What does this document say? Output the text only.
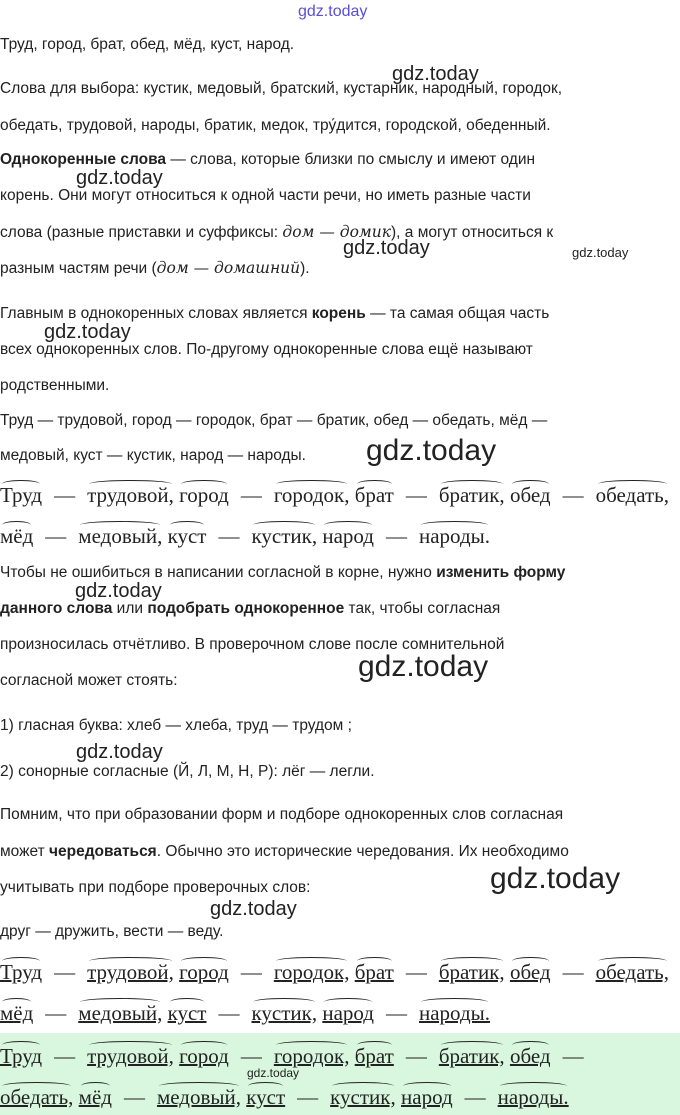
gdz.today
gdz.today
gdz.today
gdz.today	gdz.today
gdz.today
gdz.today
gdz.today
gdz.today
gdz.today
gdz.today
gdz.today
gdz.today
Труд, город, брат, обед, мёд, куст, народ.
Слова для выбора: кустик, медовый, братский, кустарник, народный, городок,
обедать, трудовой, народы, братик, медок, тру́дится, городской, обеденный.
Однокоренные слова — слова, которые близки по смыслу и имеют один
корень. Они могут относиться к одной части речи, но иметь разные части
слова (разные приставки и суффиксы: дом — домик), а могут относиться к
разным частям речи (дом — домашний).
Главным в однокоренных словах является корень — та самая общая часть
всех однокоренных слов. По-другому однокоренные слова ещё называют
родственными.
Труд — трудовой, город — городок, брат — братик, обед — обедать, мёд —
медовый, куст — кустик, народ — народы.
Труд — трудовой, город — городок, брат — братик, обед — обедать,
мёд — медовый, куст — кустик, народ — народы.
Чтобы не ошибиться в написании согласной в корне, нужно изменить форму
данного слова или подобрать однокоренное так, чтобы согласная
произносилась отчётливо. В проверочном слове после сомнительной
согласной может стоять:
1) гласная буква: хлеб — хлеба, труд — трудом ;
2) сонорные согласные (Й, Л, М, Н, Р): лёг — легли.
Помним, что при образовании форм и подборе однокоренных слов согласная
может чередоваться. Обычно это исторические чередования. Их необходимо
учитывать при подборе проверочных слов:
друг — дружить, вести — веду.
Труд — трудовой, город — городок, брат — братик, обед — обедать,
мёд — медовый, куст — кустик, народ — народы.
Труд — трудовой, город — городок, брат — братик, обед —
обедать, мёд — медовый, куст — кустик, народ — народы.
